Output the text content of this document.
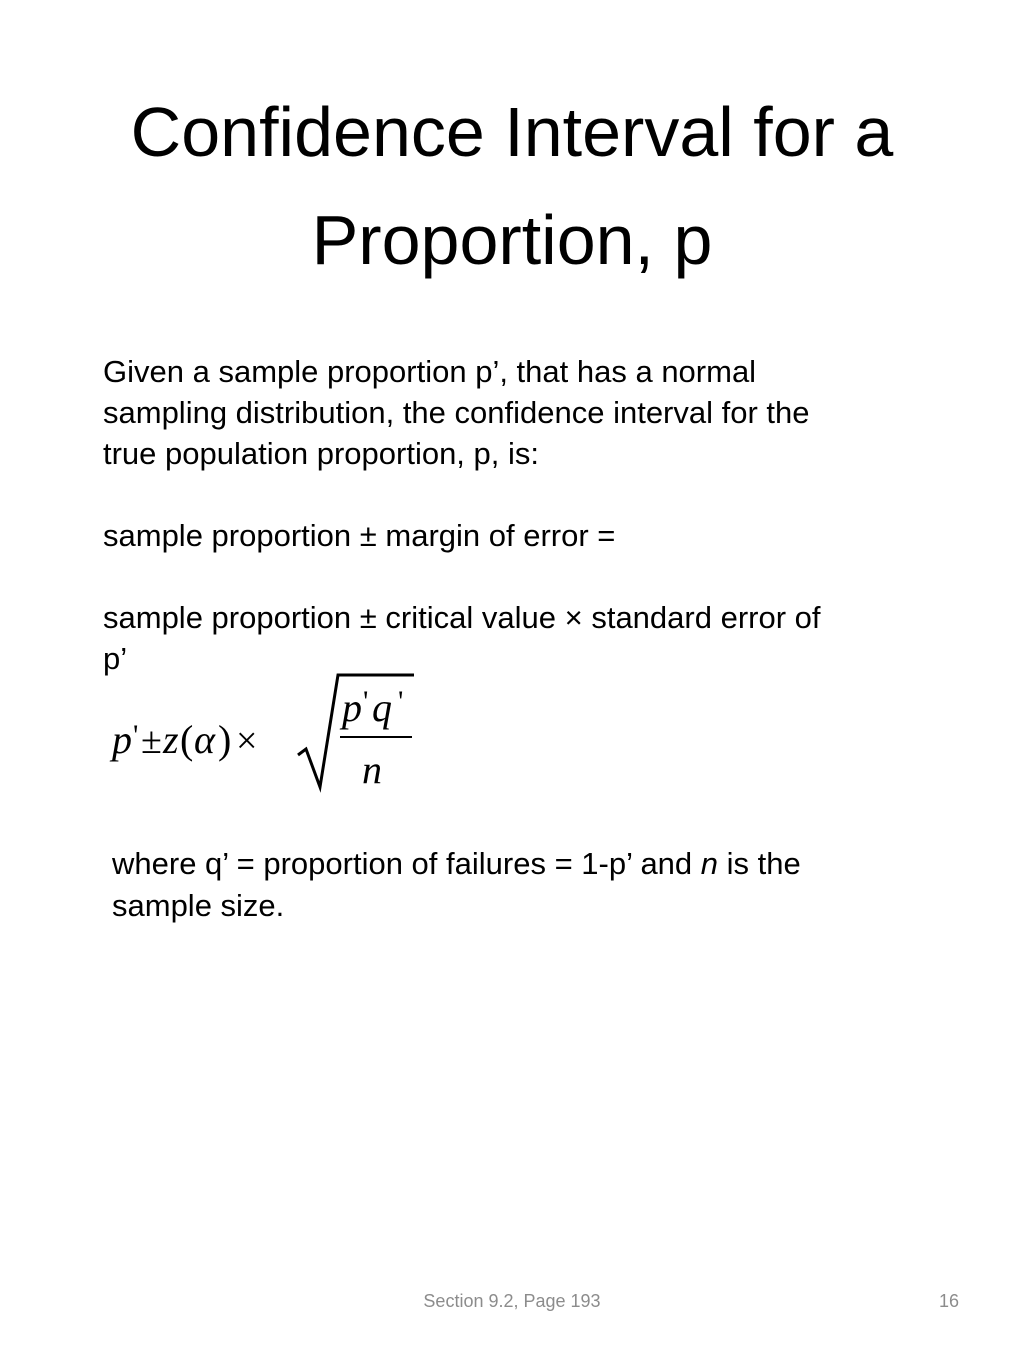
Confidence Interval for a
Proportion, p

Given a sample proportion p’, that has a normal
sampling distribution, the confidence interval for the
true population proportion, p, is:

sample proportion ± margin of error =

sample proportion ± critical value × standard error of
p’

p ' ± z ( α ) ×
p ' q '
n

where q’ = proportion of failures = 1-p’ and n is the
sample size.

Section 9.2, Page 193	16
